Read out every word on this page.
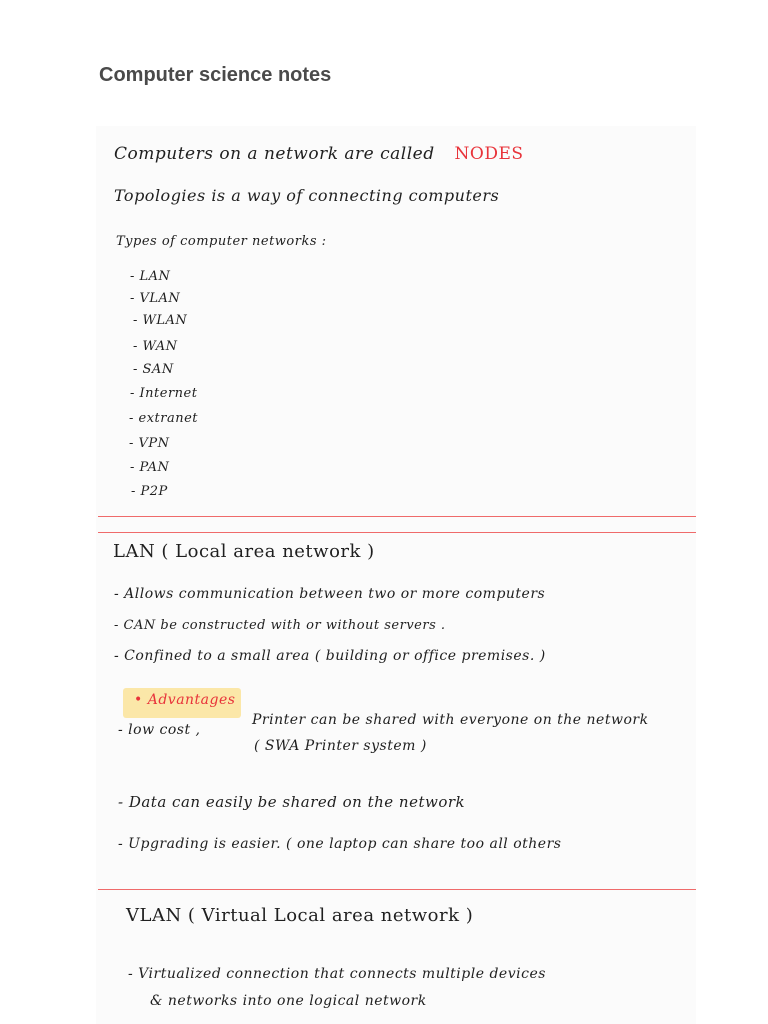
Computer science notes
Computers on a network are called NODES
Topologies is a way of connecting computers
Types of computer networks :
- LAN
- VLAN
- WLAN
- WAN
- SAN
- Internet
- extranet
- VPN
- PAN
- P2P
LAN ( Local area network )
- Allows communication between two or more computers
- CAN be constructed with or without servers .
- Confined to a small area ( building or office premises. )
• Advantages
- low cost ,
Printer can be shared with everyone on the network
( SWA Printer system )
- Data can easily be shared on the network
- Upgrading is easier. ( one laptop can share too all others
VLAN ( Virtual Local area network )
- Virtualized connection that connects multiple devices
& networks into one logical network
